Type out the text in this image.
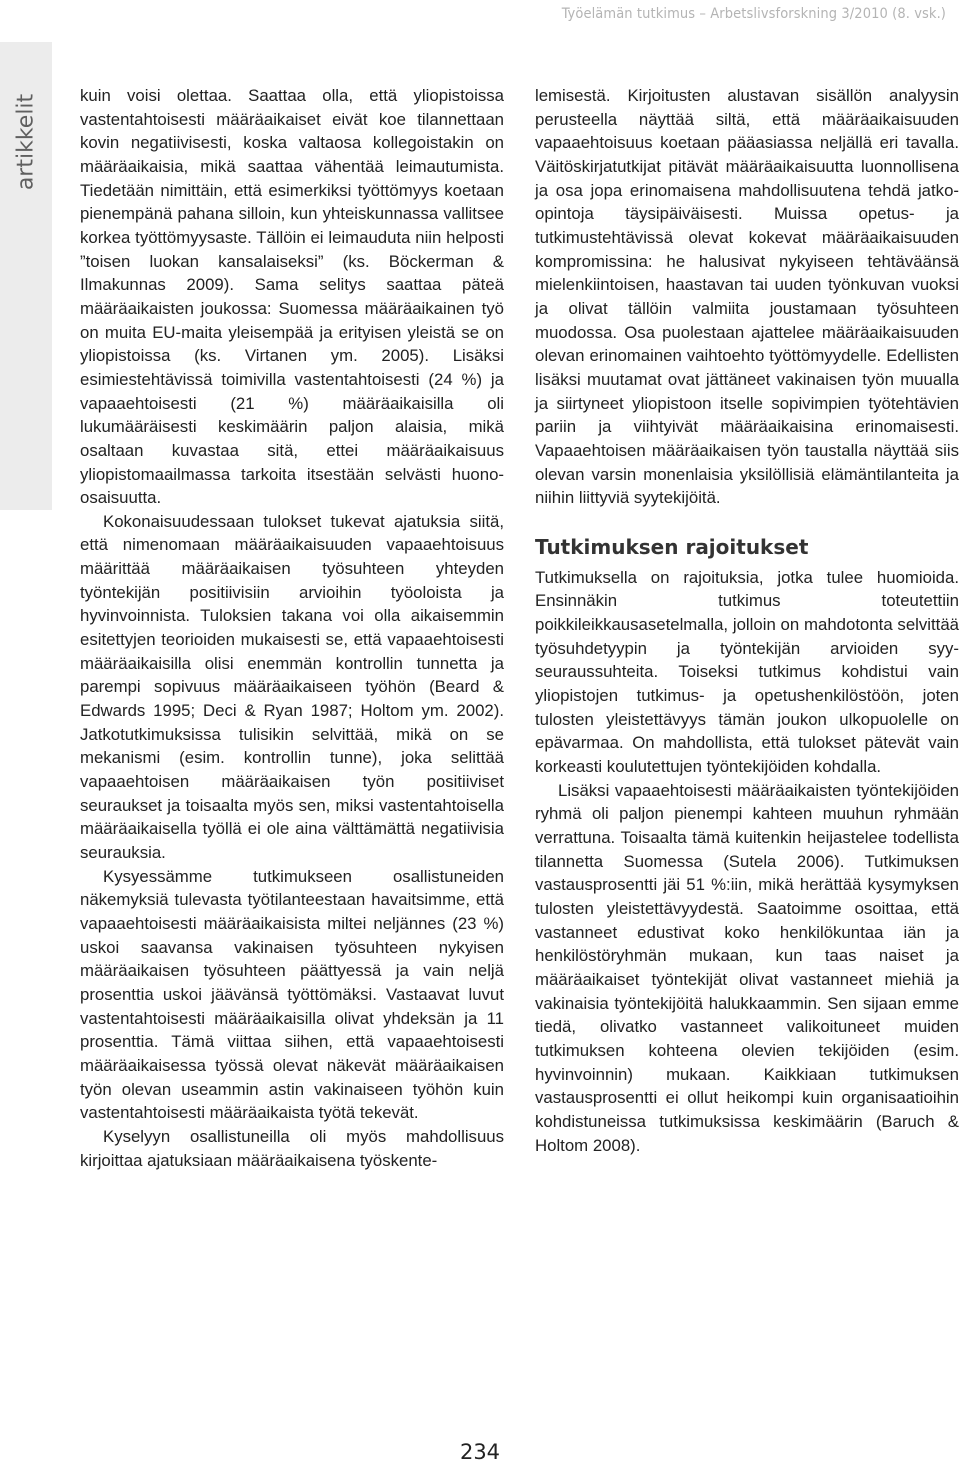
Työelämän tutkimus – Arbetslivsforskning 3/2010 (8. vsk.)
artikkelit kuin voisi olettaa. Saattaa olla, että yliopistoissa vastentahtoisesti määräaikaiset eivät koe tilannettaan kovin negatiivisesti, koska valtaosa kollegoistakin on määräaikaisia, mikä saattaa vähentää leimautumista. Tiedetään nimittäin, että esimerkiksi työttömyys koetaan pienempänä pahana silloin, kun yhteiskunnassa vallitsee korkea työttömyysaste. Tällöin ei leimauduta niin helposti ”toisen luokan kansalaiseksi” (ks. Böckerman & Ilmakunnas 2009). Sama selitys saattaa päteä määräaikaisten joukossa: Suomessa määräaikainen työ on muita EU-maita yleisempää ja erityisen yleistä se on yliopistoissa (ks. Virtanen ym. 2005). Lisäksi esimiestehtävissä toimivilla vastentahtoisesti (24 %) ja vapaaehtoisesti (21 %) määräaikaisilla oli lukumääräisesti keskimäärin paljon alaisia, mikä osaltaan kuvastaa sitä, ettei määräaikaisuus yliopistomaailmassa tarkoita itsestään selvästi huono-osaisuutta.

Kokonaisuudessaan tulokset tukevat ajatuksia siitä, että nimenomaan määräaikaisuuden vapaaehtoisuus määrittää määräaikaisen työsuhteen yhteyden työntekijän positiivisiin arvioihin työoloista ja hyvinvoinnista. Tuloksien takana voi olla aikaisemmin esitettyjen teorioiden mukaisesti se, että vapaaehtoisesti määräaikaisilla olisi enemmän kontrollin tunnetta ja parempi sopivuus määräaikaiseen työhön (Beard & Edwards 1995; Deci & Ryan 1987; Holtom ym. 2002). Jatkotutkimuksissa tulisikin selvittää, mikä on se mekanismi (esim. kontrollin tunne), joka selittää vapaaehtoisen määräaikaisen työn positiiviset seuraukset ja toisaalta myös sen, miksi vastentahtoisella määräaikaisella työllä ei ole aina välttämättä negatiivisia seurauksia.

Kysyessämme tutkimukseen osallistuneiden näkemyksiä tulevasta työtilanteestaan havaitsimme, että vapaaehtoisesti määräaikaisista miltei neljännes (23 %) uskoi saavansa vakinaisen työsuhteen nykyisen määräaikaisen työsuhteen päättyessä ja vain neljä prosenttia uskoi jäävänsä työttömäksi. Vastaavat luvut vastentahtoisesti määräaikaisilla olivat yhdeksän ja 11 prosenttia. Tämä viittaa siihen, että vapaaehtoisesti määräaikaisessa työssä olevat näkevät määräaikaisen työn olevan useammin astin vakinaiseen työhön kuin vastentahtoisesti määräaikaista työtä tekevät.

Kyselyyn osallistuneilla oli myös mahdollisuus kirjoittaa ajatuksiaan määräaikaisena työskente-

lemisestä. Kirjoitusten alustavan sisällön analyysin perusteella näyttää siltä, että määräaikaisuuden vapaaehtoisuus koetaan pääasiassa neljällä eri tavalla. Väitöskirjatutkijat pitävät määräaikaisuutta luonnollisena ja osa jopa erinomaisena mahdollisuutena tehdä jatko-opintoja täysipäiväisesti. Muissa opetus- ja tutkimustehtävissä olevat kokevat määräaikaisuuden kompromissina: he halusivat nykyiseen tehtäväänsä mielenkiintoisen, haastavan tai uuden työnkuvan vuoksi ja olivat tällöin valmiita joustamaan työsuhteen muodossa. Osa puolestaan ajattelee määräaikaisuuden olevan erinomainen vaihtoehto työttömyydelle. Edellisten lisäksi muutamat ovat jättäneet vakinaisen työn muualla ja siirtyneet yliopistoon itselle sopivimpien työtehtävien pariin ja viihtyivät määräaikaisina erinomaisesti. Vapaaehtoisen määräaikaisen työn taustalla näyttää siis olevan varsin monenlaisia yksilöllisiä elämäntilanteita ja niihin liittyviä syytekijöitä.

Tutkimuksen rajoitukset

Tutkimuksella on rajoituksia, jotka tulee huomioida. Ensinnäkin tutkimus toteutettiin poikkileikkausasetelmalla, jolloin on mahdotonta selvittää työsuhdetyypin ja työntekijän arvioiden syy-seuraussuhteita. Toiseksi tutkimus kohdistui vain yliopistojen tutkimus- ja opetushenkilöstöön, joten tulosten yleistettävyys tämän joukon ulkopuolelle on epävarmaa. On mahdollista, että tulokset pätevät vain korkeasti koulutettujen työntekijöiden kohdalla.

Lisäksi vapaaehtoisesti määräaikaisten työntekijöiden ryhmä oli paljon pienempi kahteen muuhun ryhmään verrattuna. Toisaalta tämä kuitenkin heijastelee todellista tilannetta Suomessa (Sutela 2006). Tutkimuksen vastausprosentti jäi 51 %:iin, mikä herättää kysymyksen tulosten yleistettävyydestä. Saatoimme osoittaa, että vastanneet edustivat koko henkilökuntaa iän ja henkilöstöryhmän mukaan, kun taas naiset ja määräaikaiset työntekijät olivat vastanneet miehiä ja vakinaisia työntekijöitä halukkaammin. Sen sijaan emme tiedä, olivatko vastanneet valikoituneet muiden tutkimuksen kohteena olevien tekijöiden (esim. hyvinvoinnin) mukaan. Kaikkiaan tutkimuksen vastausprosentti ei ollut heikompi kuin organisaatioihin kohdistuneissa tutkimuksissa keskimäärin (Baruch & Holtom 2008).

234
